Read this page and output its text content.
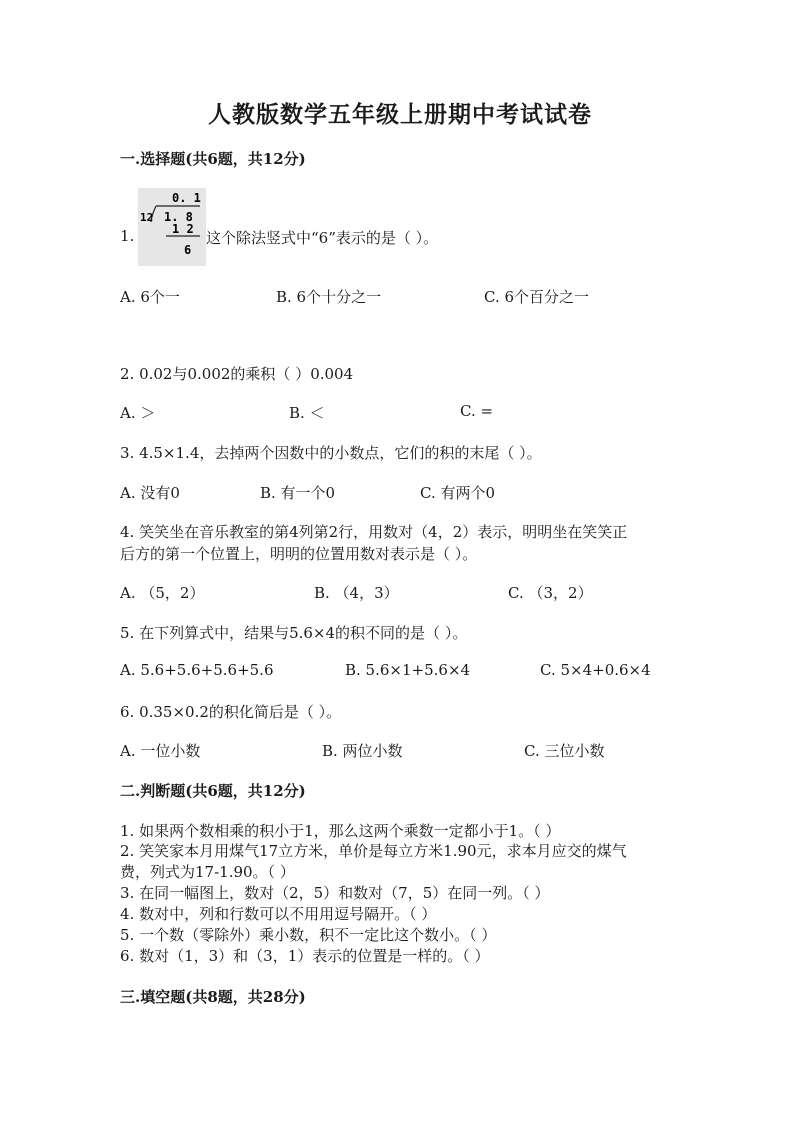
人教版数学五年级上册期中考试试卷
一.选择题(共6题，共12分)
0. 1
12 1. 8
1 2
6
1.	这个除法竖式中“6”表示的是（ ）。
A. 6个一	B. 6个十分之一	C. 6个百分之一
2. 0.02与0.002的乘积（ ）0.004
A. ＞	B. ＜	C. =
3. 4.5×1.4，去掉两个因数中的小数点，它们的积的末尾（ ）。
A. 没有0	B. 有一个0	C. 有两个0
4. 笑笑坐在音乐教室的第4列第2行，用数对（4，2）表示，明明坐在笑笑正
后方的第一个位置上，明明的位置用数对表示是（ ）。
A. （5，2）	B. （4，3）	C. （3，2）
5. 在下列算式中，结果与5.6×4的积不同的是（ ）。
A. 5.6+5.6+5.6+5.6	B. 5.6×1+5.6×4	C. 5×4+0.6×4
6. 0.35×0.2的积化简后是（ ）。
A. 一位小数	B. 两位小数	C. 三位小数
二.判断题(共6题，共12分)
1. 如果两个数相乘的积小于1，那么这两个乘数一定都小于1。（ ）
2. 笑笑家本月用煤气17立方米，单价是每立方米1.90元，求本月应交的煤气
费，列式为17-1.90。（ ）
3. 在同一幅图上，数对（2，5）和数对（7，5）在同一列。（ ）
4. 数对中，列和行数可以不用用逗号隔开。（ ）
5. 一个数（零除外）乘小数，积不一定比这个数小。（ ）
6. 数对（1，3）和（3，1）表示的位置是一样的。（ ）
三.填空题(共8题，共28分)
